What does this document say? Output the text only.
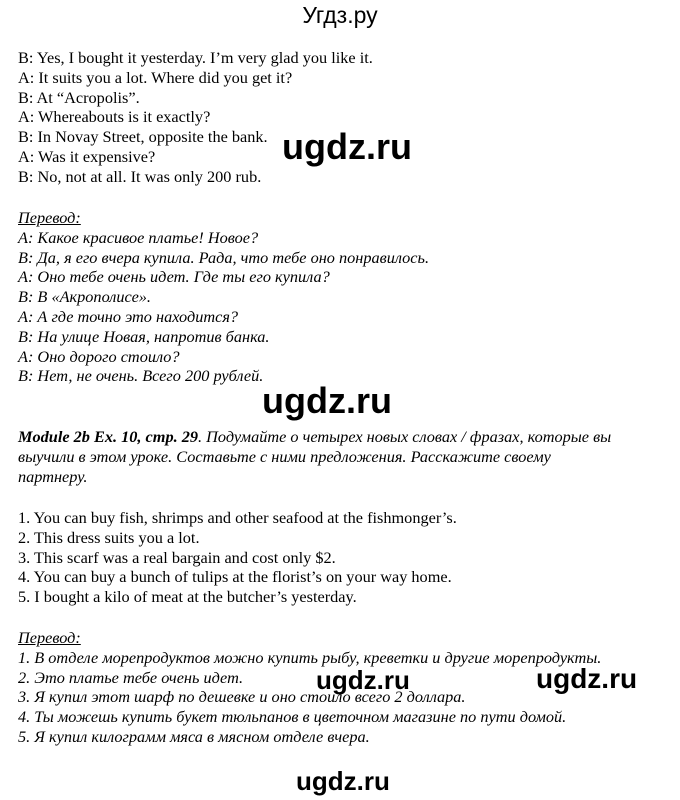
Угдз.ру
B: Yes, I bought it yesterday. I’m very glad you like it.
A: It suits you a lot. Where did you get it?
B: At “Acropolis”.
A: Whereabouts is it exactly?
B: In Novay Street, opposite the bank.
A: Was it expensive?
B: No, not at all. It was only 200 rub.
Перевод:
A: Какое красивое платье! Новое?
B: Да, я его вчера купила. Рада, что тебе оно понравилось.
A: Оно тебе очень идет. Где ты его купила?
B: В «Акрополисе».
A: А где точно это находится?
B: На улице Новая, напротив банка.
A: Оно дорого стоило?
B: Нет, не очень. Всего 200 рублей.
Module 2b Ex. 10, стр. 29. Подумайте о четырех новых словах / фразах, которые вы выучили в этом уроке. Составьте с ними предложения. Расскажите своему партнеру.
1. You can buy fish, shrimps and other seafood at the fishmonger’s.
2. This dress suits you a lot.
3. This scarf was a real bargain and cost only $2.
4. You can buy a bunch of tulips at the florist’s on your way home.
5. I bought a kilo of meat at the butcher’s yesterday.
Перевод:
1. В отделе морепродуктов можно купить рыбу, креветки и другие морепродукты.
2. Это платье тебе очень идет.
3. Я купил этот шарф по дешевке и оно стоило всего 2 доллара.
4. Ты можешь купить букет тюльпанов в цветочном магазине по пути домой.
5. Я купил килограмм мяса в мясном отделе вчера.
ugdz.ru
ugdz.ru
ugdz.ru	ugdz.ru
ugdz.ru
